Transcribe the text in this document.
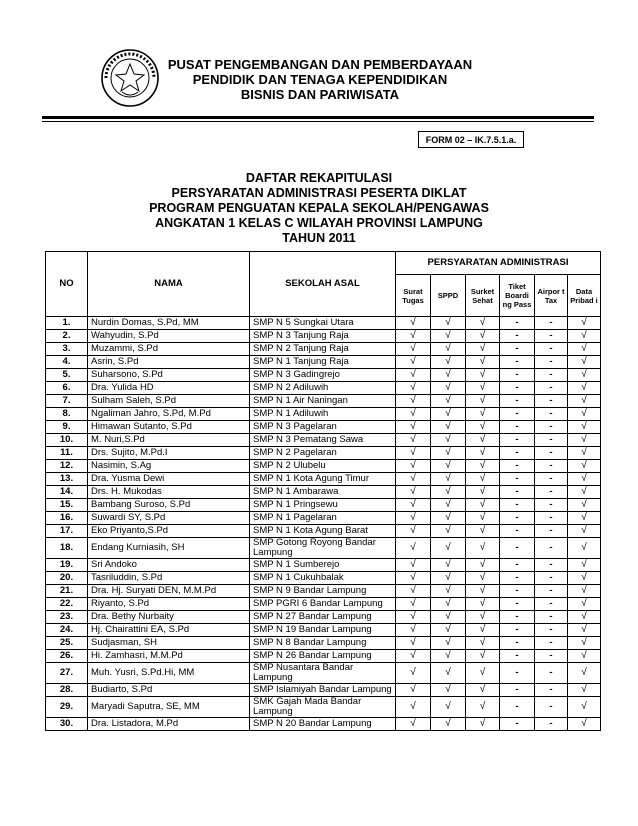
PUSAT PENGEMBANGAN DAN PEMBERDAYAAN
PENDIDIK DAN TENAGA KEPENDIDIKAN
BISNIS DAN PARIWISATA
FORM 02 – IK.7.5.1.a.
DAFTAR REKAPITULASI
PERSYARATAN ADMINISTRASI PESERTA DIKLAT
PROGRAM PENGUATAN KEPALA SEKOLAH/PENGAWAS
ANGKATAN 1 KELAS C WILAYAH PROVINSI LAMPUNG
TAHUN 2011
NO	NAMA	SEKOLAH ASAL	PERSYARATAN ADMINISTRASI					
			Surat Tugas	SPPD	Surket Sehat	Tiket Boardi ng Pass	Airpor t Tax	Data Pribad i
1.	Nurdin Domas, S.Pd, MM	SMP N 5 Sungkai Utara	√	√	√	-	-	√
2.	Wahyudin, S.Pd	SMP N 3 Tanjung Raja	√	√	√	-	-	√
3.	Muzammi, S.Pd	SMP N 2 Tanjung Raja	√	√	√	-	-	√
4.	Asrin, S.Pd	SMP N 1 Tanjung Raja	√	√	√	-	-	√
5.	Suharsono, S.Pd	SMP N 3 Gadingrejo	√	√	√	-	-	√
6.	Dra. Yulida HD	SMP N 2 Adiluwih	√	√	√	-	-	√
7.	Sulham Saleh, S.Pd	SMP N 1 Air Naningan	√	√	√	-	-	√
8.	Ngaliman Jahro, S.Pd, M.Pd	SMP N 1 Adiluwih	√	√	√	-	-	√
9.	Himawan Sutanto, S.Pd	SMP N 3 Pagelaran	√	√	√	-	-	√
10.	M. Nuri,S.Pd	SMP N 3 Pematang Sawa	√	√	√	-	-	√
11.	Drs. Sujito, M.Pd.I	SMP N 2 Pagelaran	√	√	√	-	-	√
12.	Nasimin, S.Ag	SMP N 2 Ulubelu	√	√	√	-	-	√
13.	Dra. Yusma Dewi	SMP N 1 Kota Agung Timur	√	√	√	-	-	√
14.	Drs. H. Mukodas	SMP N 1 Ambarawa	√	√	√	-	-	√
15.	Bambang Suroso, S.Pd	SMP N 1 Pringsewu	√	√	√	-	-	√
16.	Suwardi SY, S.Pd	SMP N 1 Pagelaran	√	√	√	-	-	√
17.	Eko Priyanto,S.Pd	SMP N 1 Kota Agung Barat	√	√	√	-	-	√
18.	Endang Kurniasih, SH	SMP Gotong Royong Bandar Lampung	√	√	√	-	-	√
19.	Sri Andoko	SMP N 1 Sumberejo	√	√	√	-	-	√
20.	Tasriluddin, S.Pd	SMP N 1 Cukuhbalak	√	√	√	-	-	√
21.	Dra. Hj. Suryati DEN, M.M.Pd	SMP N 9 Bandar Lampung	√	√	√	-	-	√
22.	Riyanto, S.Pd	SMP PGRI 6 Bandar Lampung	√	√	√	-	-	√
23.	Dra. Bethy Nurbaity	SMP N 27 Bandar Lampung	√	√	√	-	-	√
24.	Hj. Chairattini EA, S.Pd	SMP N 19 Bandar Lampung	√	√	√	-	-	√
25.	Sudjasman, SH	SMP N 8 Bandar Lampung	√	√	√	-	-	√
26.	Hi. Zamhasri, M.M.Pd	SMP N 26 Bandar Lampung	√	√	√	-	-	√
27.	Muh. Yusri, S.Pd.Hi, MM	SMP Nusantara Bandar Lampung	√	√	√	-	-	√
28.	Budiarto, S.Pd	SMP Islamiyah Bandar Lampung	√	√	√	-	-	√
29.	Maryadi Saputra, SE, MM	SMK Gajah Mada Bandar Lampung	√	√	√	-	-	√
30.	Dra. Listadora, M.Pd	SMP N 20 Bandar Lampung	√	√	√	-	-	√
